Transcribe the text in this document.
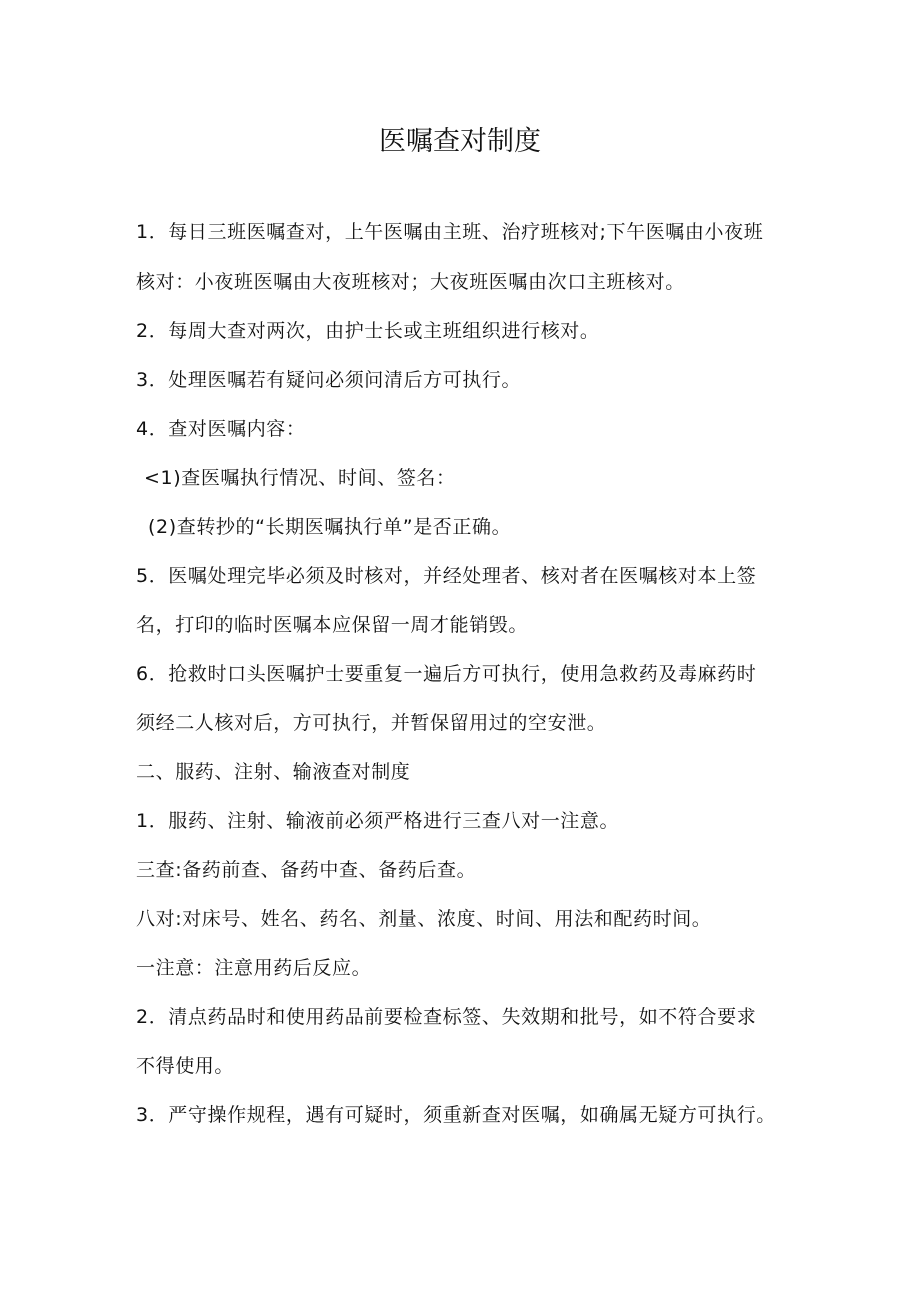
医嘱查对制度
1．每日三班医嘱查对，上午医嘱由主班、治疗班核对;下午医嘱由小夜班
核对：小夜班医嘱由大夜班核对；大夜班医嘱由次口主班核对。
2．每周大查对两次，由护士长或主班组织进行核对。
3．处理医嘱若有疑问必须问清后方可执行。
4．查对医嘱内容：
<1)查医嘱执行情况、时间、签名：
(2)查转抄的“长期医嘱执行单”是否正确。
5．医嘱处理完毕必须及时核对，并经处理者、核对者在医嘱核对本上签
名，打印的临时医嘱本应保留一周才能销毁。
6．抢救时口头医嘱护士要重复一遍后方可执行，使用急救药及毒麻药时
须经二人核对后，方可执行，并暂保留用过的空安泄。
二、服药、注射、输液查对制度
1．服药、注射、输液前必须严格进行三查八对一注意。
三查:备药前查、备药中查、备药后查。
八对:对床号、姓名、药名、剂量、浓度、时间、用法和配药时间。
一注意：注意用药后反应。
2．清点药品时和使用药品前要检查标签、失效期和批号，如不符合要求
不得使用。
3．严守操作规程，遇有可疑时，须重新查对医嘱，如确属无疑方可执行。
